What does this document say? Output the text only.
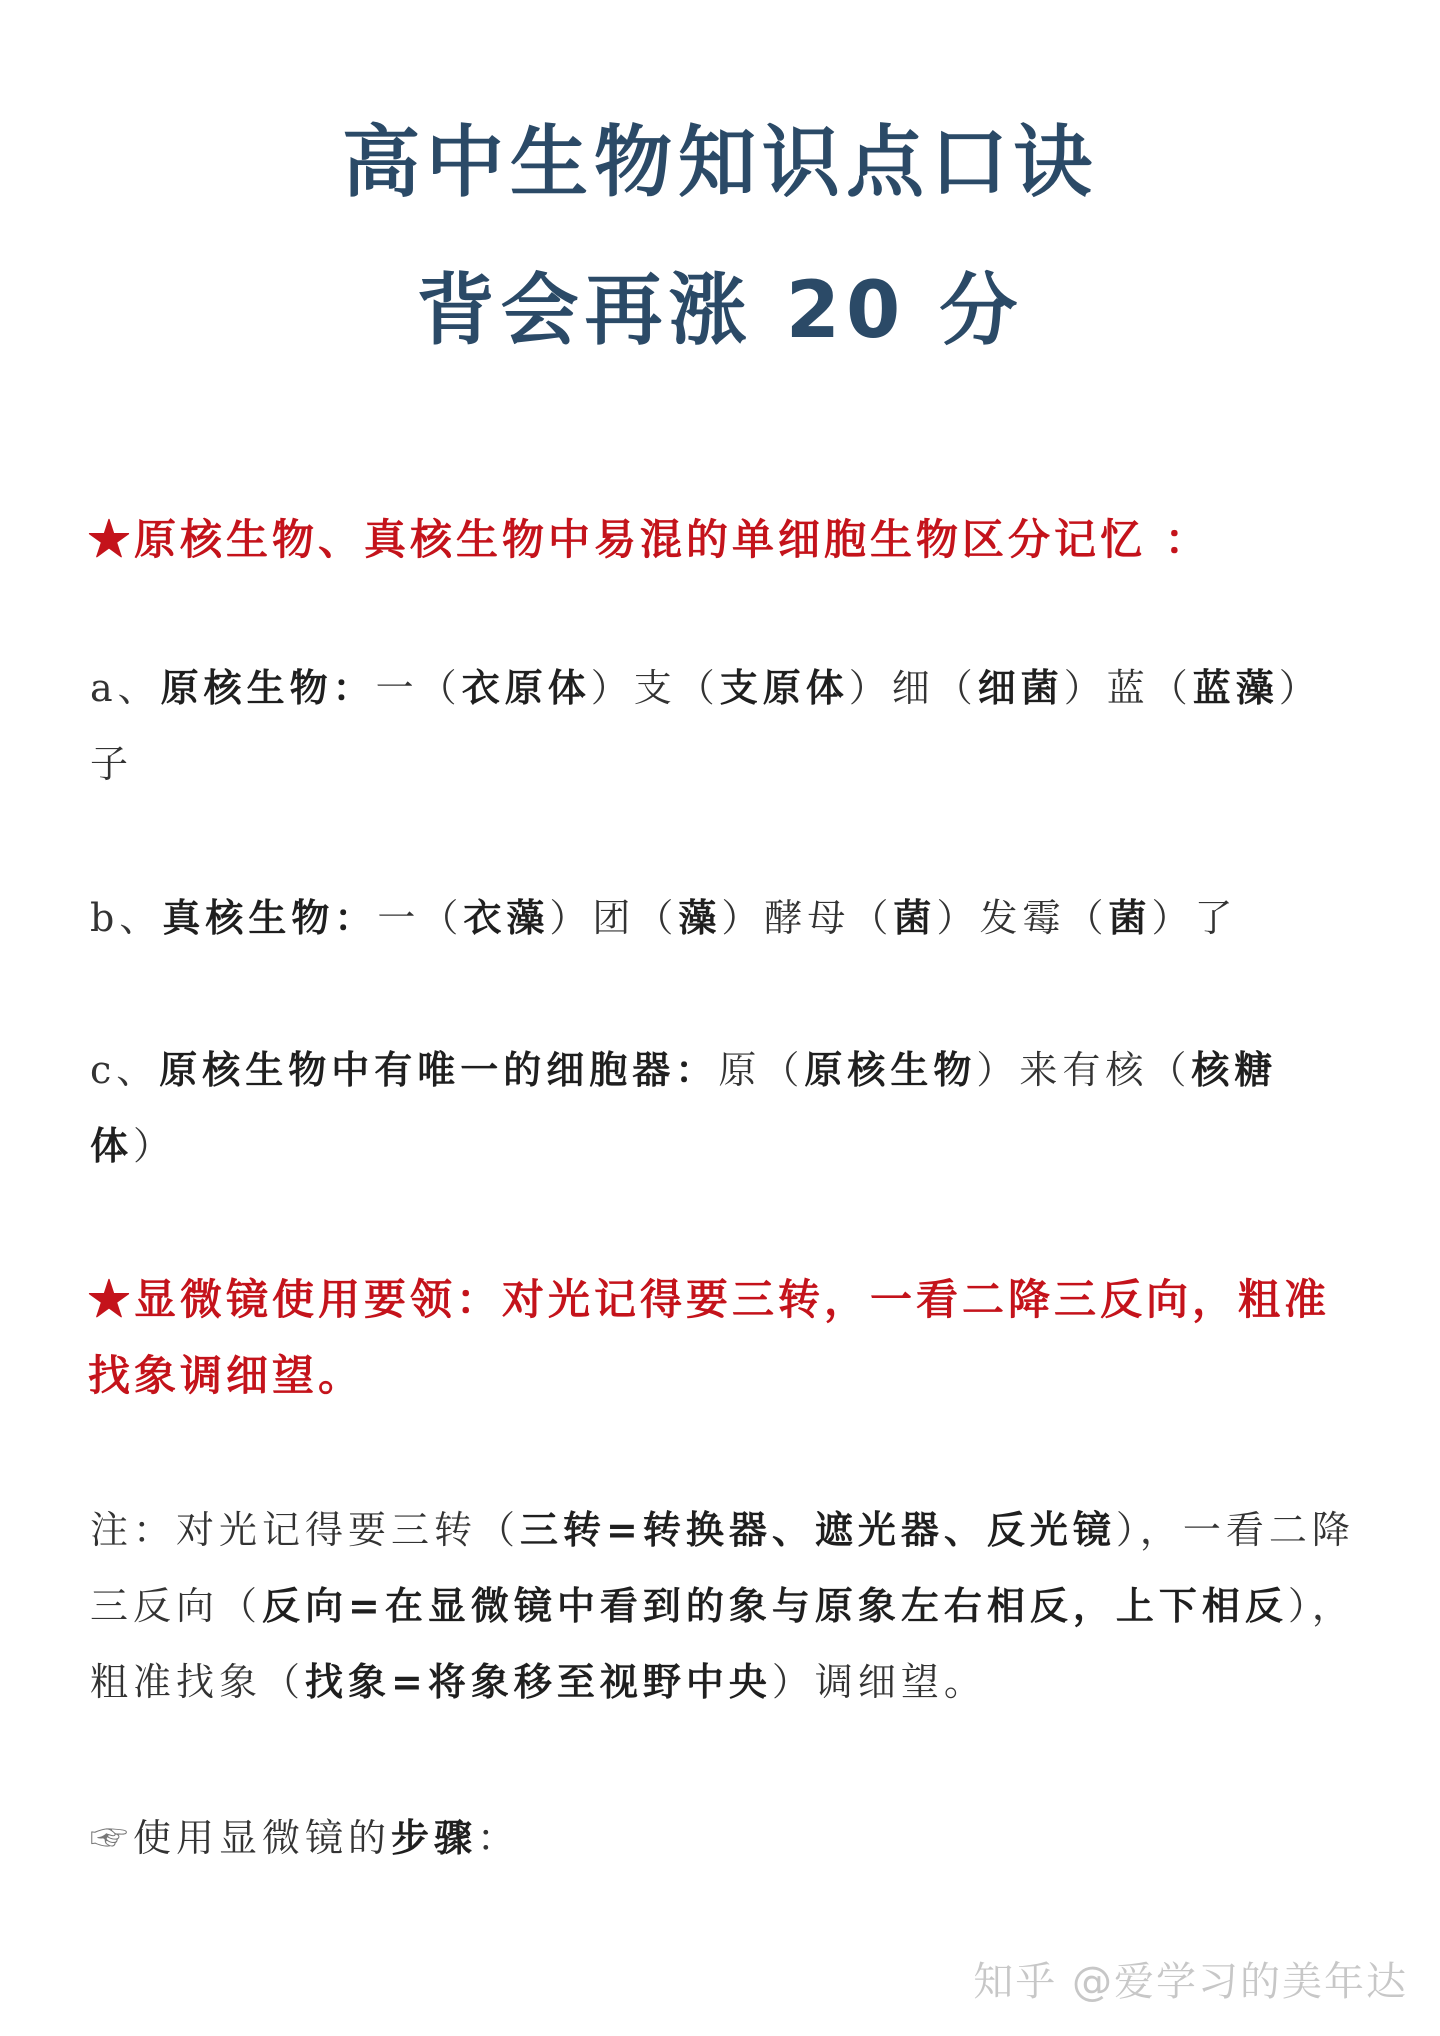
高中生物知识点口诀
背会再涨 20 分
★原核生物、真核生物中易混的单细胞生物区分记忆 ：
a、原核生物：一（衣原体）支（支原体）细（细菌）蓝（蓝藻）子
b、真核生物：一（衣藻）团（藻）酵母（菌）发霉（菌）了
c、原核生物中有唯一的细胞器：原（原核生物）来有核（核糖体）
★显微镜使用要领：对光记得要三转，一看二降三反向，粗准找象调细望。
注：对光记得要三转（三转=转换器、遮光器、反光镜），一看二降三反向（反向=在显微镜中看到的象与原象左右相反，上下相反），粗准找象（找象=将象移至视野中央）调细望。
☞使用显微镜的步骤：
知乎 @爱学习的美年达
